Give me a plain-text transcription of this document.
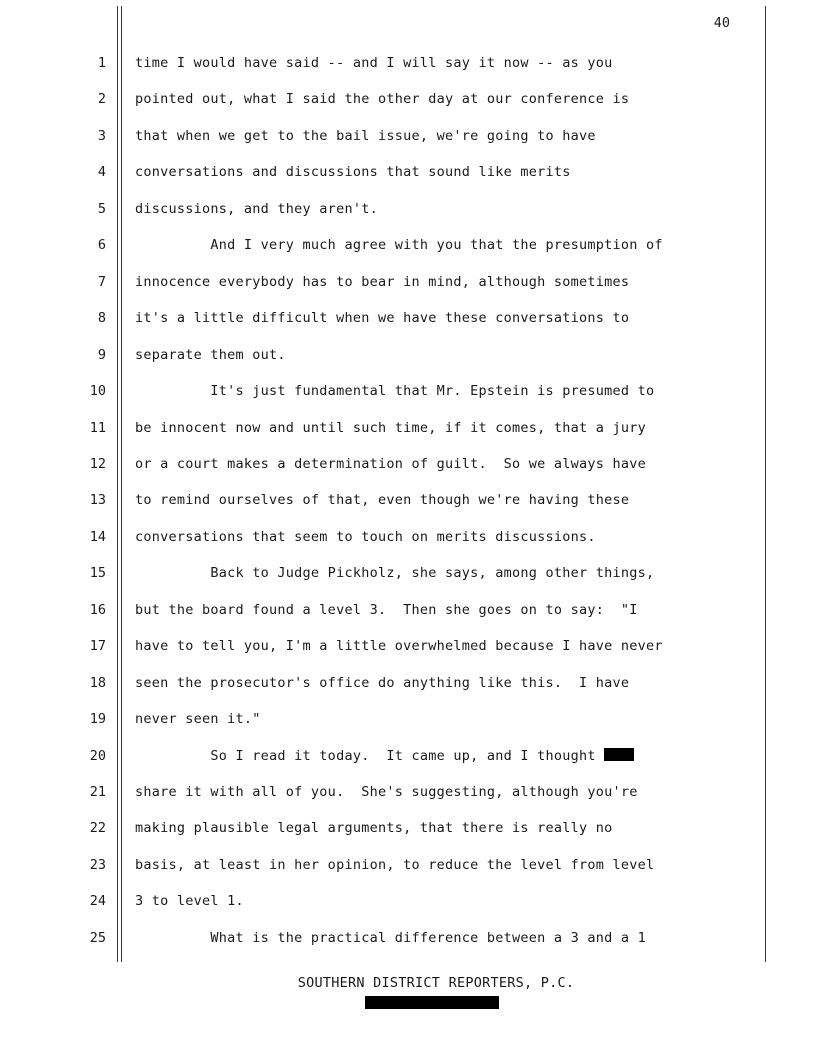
40
1 time I would have said -- and I will say it now -- as you
2 pointed out, what I said the other day at our conference is
3 that when we get to the bail issue, we're going to have
4 conversations and discussions that sound like merits
5 discussions, and they aren't.
6 And I very much agree with you that the presumption of
7 innocence everybody has to bear in mind, although sometimes
8 it's a little difficult when we have these conversations to
9 separate them out.
10 It's just fundamental that Mr. Epstein is presumed to
11 be innocent now and until such time, if it comes, that a jury
12 or a court makes a determination of guilt.  So we always have
13 to remind ourselves of that, even though we're having these
14 conversations that seem to touch on merits discussions.
15 Back to Judge Pickholz, she says, among other things,
16 but the board found a level 3.  Then she goes on to say:  "I
17 have to tell you, I'm a little overwhelmed because I have never
18 seen the prosecutor's office do anything like this.  I have
19 never seen it."
20 So I read it today.  It came up, and I thought
21 share it with all of you.  She's suggesting, although you're
22 making plausible legal arguments, that there is really no
23 basis, at least in her opinion, to reduce the level from level
24 3 to level 1.
25 What is the practical difference between a 3 and a 1
SOUTHERN DISTRICT REPORTERS, P.C.
